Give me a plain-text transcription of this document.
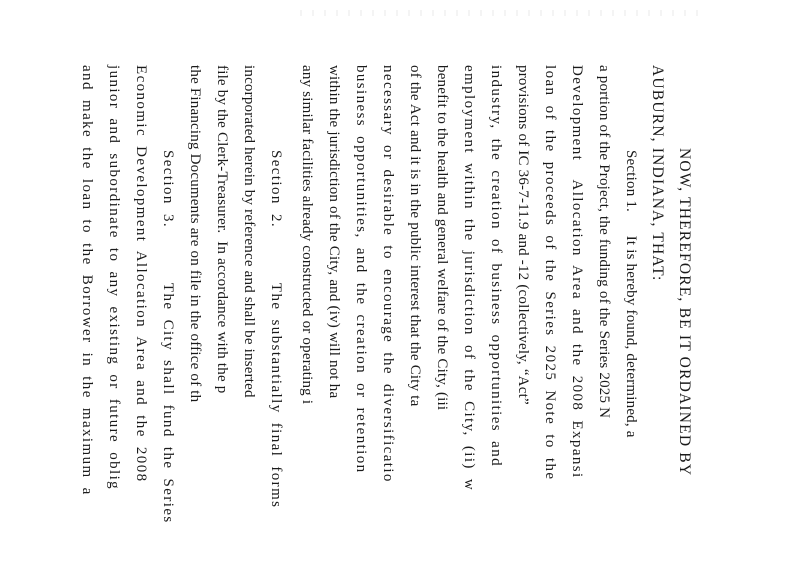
NOW, THEREFORE, BE IT ORDAINED BY
AUBURN, INDIANA, THAT:
Section 1.      It is hereby found, determined, a
a portion of the Project, the funding of the Series 2025 N
Development  Allocation Area and the 2008 Expansi
loan of the proceeds of the Series 2025 Note to the
provisions of IC 36-7-11.9 and -12 (collectively, “Act”
industry, the creation of business opportunities and
employment within the jurisdiction of the City, (ii) w
benefit to the health and general welfare of the City, (iii
of the Act and it is in the public interest that the City ta
necessary or desirable to encourage the diversificatio
business opportunities, and the creation or retention
within the jurisdiction of the City, and (iv) will not ha
any similar facilities already constructed or operating i
Section 2.      The substantially final forms
incorporated herein by reference and shall be inserted
file by the Clerk-Treasurer.  In accordance with the p
the Financing Documents are on file in the office of th
Section 3.      The City shall fund the Series
Economic Development Allocation Area and the 2008
junior and subordinate to any existing or future oblig
and make the loan to the Borrower in the maximum a
